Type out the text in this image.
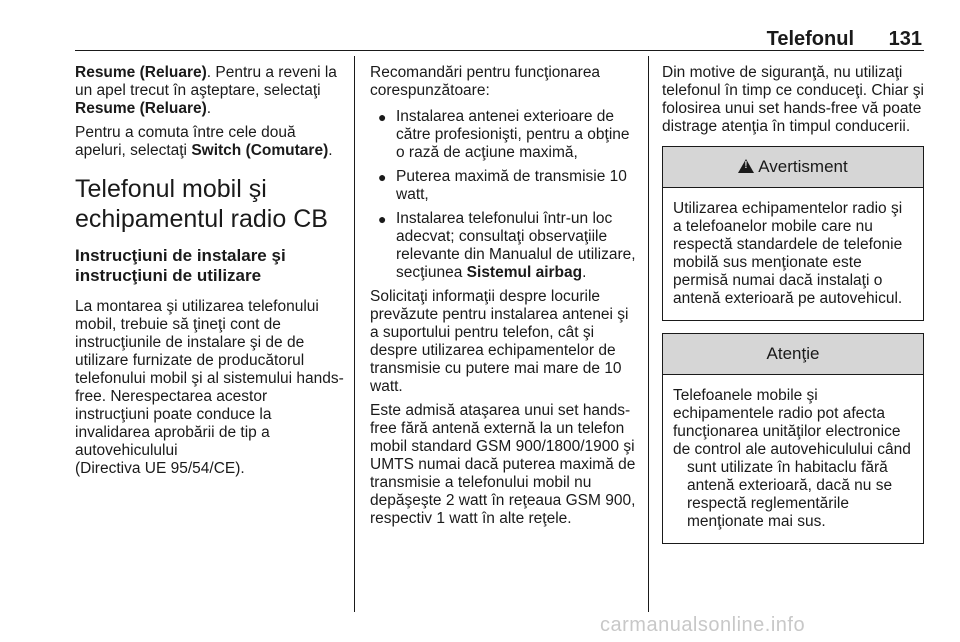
Telefonul 131

Resume (Reluare). Pentru a reveni la un apel trecut în aşteptare, selectaţi Resume (Reluare).

Pentru a comuta între cele două apeluri, selectaţi Switch (Comutare).

Telefonul mobil şi
echipamentul radio CB
Instrucţiuni de instalare şi
instrucţiuni de utilizare

La montarea şi utilizarea telefonului mobil, trebuie să ţineţi cont de instrucţiunile de instalare şi de de utilizare furnizate de producătorul telefonului mobil şi al sistemului hands-free. Nerespectarea acestor instrucţiuni poate conduce la invalidarea aprobării de tip a autovehiculului

(Directiva UE 95/54/CE).

Recomandări pentru funcţionarea corespunzătoare:

● Instalarea antenei exterioare de către profesionişti, pentru a obţine o rază de acţiune maximă,
● Puterea maximă de transmisie 10 watt,
● Instalarea telefonului într-un loc adecvat; consultaţi observaţiile relevante din Manualul de utilizare, secţiunea Sistemul airbag.

Solicitaţi informaţii despre locurile prevăzute pentru instalarea antenei şi a suportului pentru telefon, cât şi despre utilizarea echipamentelor de transmisie cu putere mai mare de 10 watt.

Este admisă ataşarea unui set hands-free fără antenă externă la un telefon mobil standard GSM 900/1800/1900 şi UMTS numai dacă puterea maximă de transmisie a telefonului mobil nu depăşeşte 2 watt în reţeaua GSM 900, respectiv 1 watt în alte reţele.

Din motive de siguranţă, nu utilizaţi telefonul în timp ce conduceţi. Chiar şi folosirea unui set hands-free vă poate distrage atenţia în timpul conducerii.

!Avertisment
Utilizarea echipamentelor radio şi a telefoanelor mobile care nu respectă standardele de telefonie mobilă sus menţionate este permisă numai dacă instalaţi o antenă exterioară pe autovehicul.
Atenţie
Telefoanele mobile şi echipamentele radio pot afecta funcţionarea unităţilor electronice de control ale autovehiculului când
sunt utilizate în habitaclu fără antenă exterioară, dacă nu se respectă reglementările menţionate mai sus.
carmanualsonline.info
